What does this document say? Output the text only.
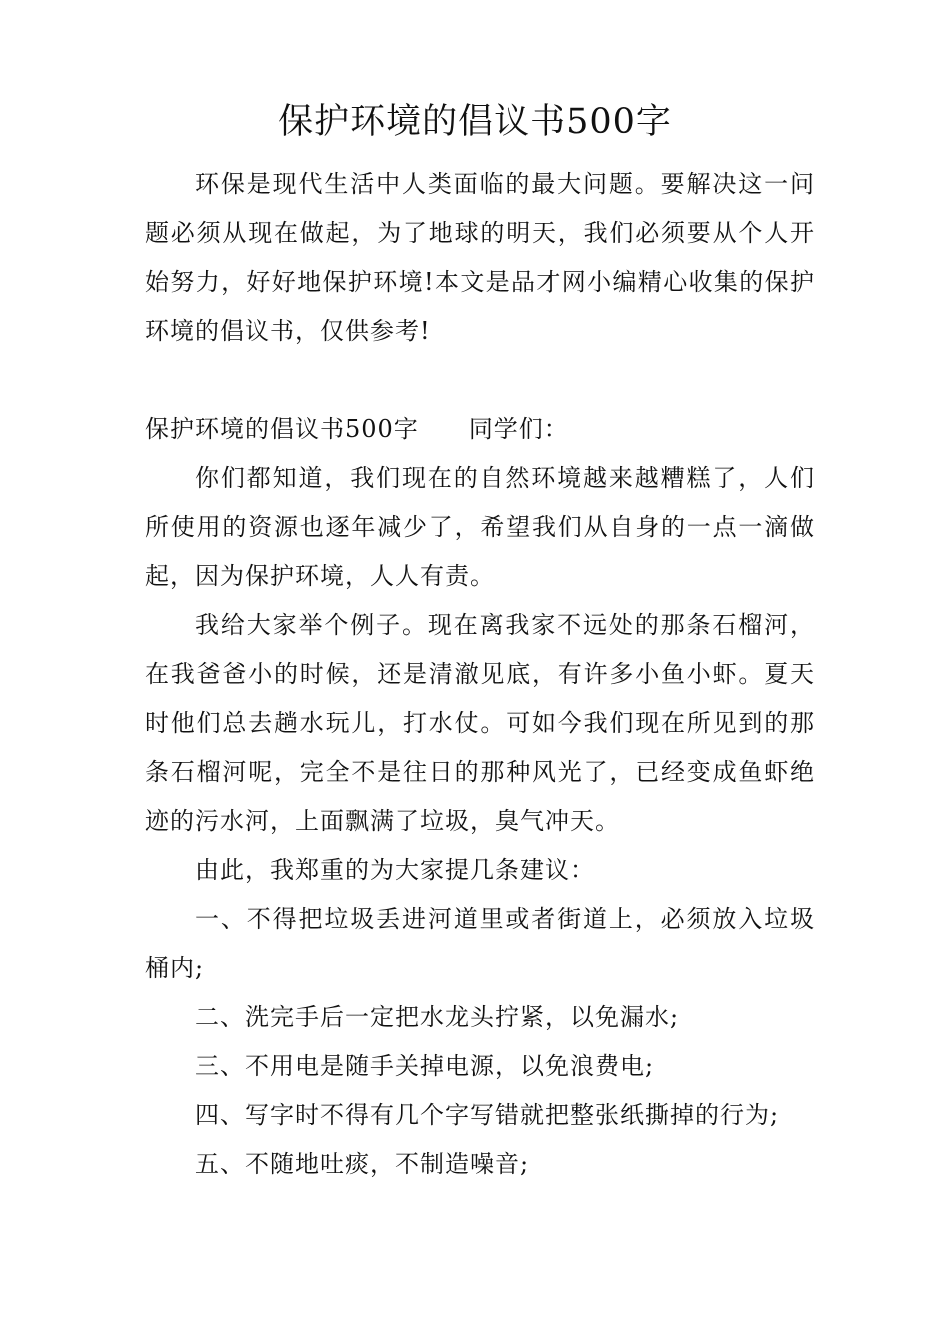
保护环境的倡议书500字

环保是现代生活中人类面临的最大问题。要解决这一问题必须从现在做起，为了地球的明天，我们必须要从个人开始努力，好好地保护环境!本文是品才网小编精心收集的保护环境的倡议书，仅供参考!

保护环境的倡议书500字 同学们：

你们都知道，我们现在的自然环境越来越糟糕了，人们所使用的资源也逐年减少了，希望我们从自身的一点一滴做起，因为保护环境，人人有责。

我给大家举个例子。现在离我家不远处的那条石榴河，在我爸爸小的时候，还是清澈见底，有许多小鱼小虾。夏天时他们总去趟水玩儿，打水仗。可如今我们现在所见到的那条石榴河呢，完全不是往日的那种风光了，已经变成鱼虾绝迹的污水河，上面飘满了垃圾，臭气冲天。

由此，我郑重的为大家提几条建议：

一、不得把垃圾丢进河道里或者街道上，必须放入垃圾桶内;

二、洗完手后一定把水龙头拧紧，以免漏水;

三、不用电是随手关掉电源，以免浪费电;

四、写字时不得有几个字写错就把整张纸撕掉的行为;

五、不随地吐痰，不制造噪音;
